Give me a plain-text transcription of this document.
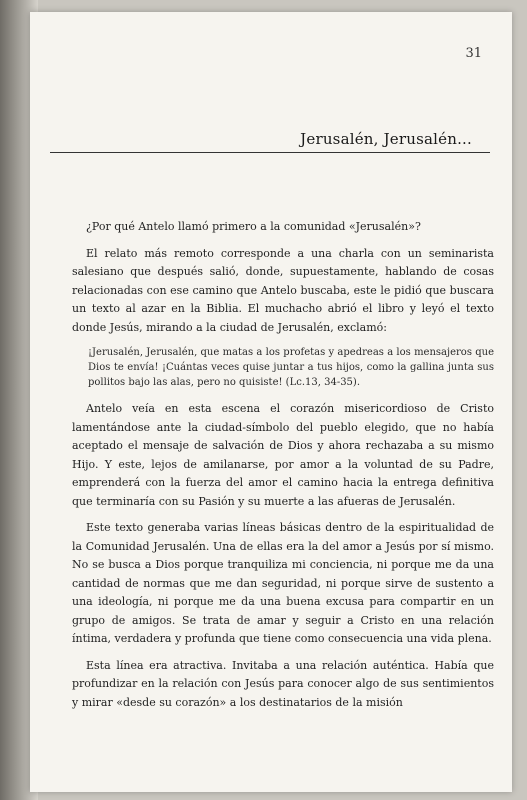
31
Jerusalén, Jerusalén...

¿Por qué Antelo llamó primero a la comunidad «Jerusalén»?

El relato más remoto corresponde a una charla con un seminarista salesiano que después salió, donde, supuestamente, hablando de cosas relacionadas con ese camino que Antelo buscaba, este le pidió que buscara un texto al azar en la Biblia. El muchacho abrió el libro y leyó el texto donde Jesús, mirando a la ciudad de Jerusalén, exclamó:

¡Jerusalén, Jerusalén, que matas a los profetas y apedreas a los mensajeros que Dios te envía! ¡Cuántas veces quise juntar a tus hijos, como la gallina junta sus pollitos bajo las alas, pero no quisiste! (Lc.13, 34-35).

Antelo veía en esta escena el corazón misericordioso de Cristo lamentándose ante la ciudad-símbolo del pueblo elegido, que no había aceptado el mensaje de salvación de Dios y ahora rechazaba a su mismo Hijo. Y este, lejos de amilanarse, por amor a la voluntad de su Padre, emprenderá con la fuerza del amor el camino hacia la entrega definitiva que terminaría con su Pasión y su muerte a las afueras de Jerusalén.

Este texto generaba varias líneas básicas dentro de la espiritualidad de la Comunidad Jerusalén. Una de ellas era la del amor a Jesús por sí mismo. No se busca a Dios porque tranquiliza mi conciencia, ni porque me da una cantidad de normas que me dan seguridad, ni porque sirve de sustento a una ideología, ni porque me da una buena excusa para compartir en un grupo de amigos. Se trata de amar y seguir a Cristo en una relación íntima, verdadera y profunda que tiene como consecuencia una vida plena.

Esta línea era atractiva. Invitaba a una relación auténtica. Había que profundizar en la relación con Jesús para conocer algo de sus sentimientos y mirar «desde su corazón» a los destinatarios de la misión
